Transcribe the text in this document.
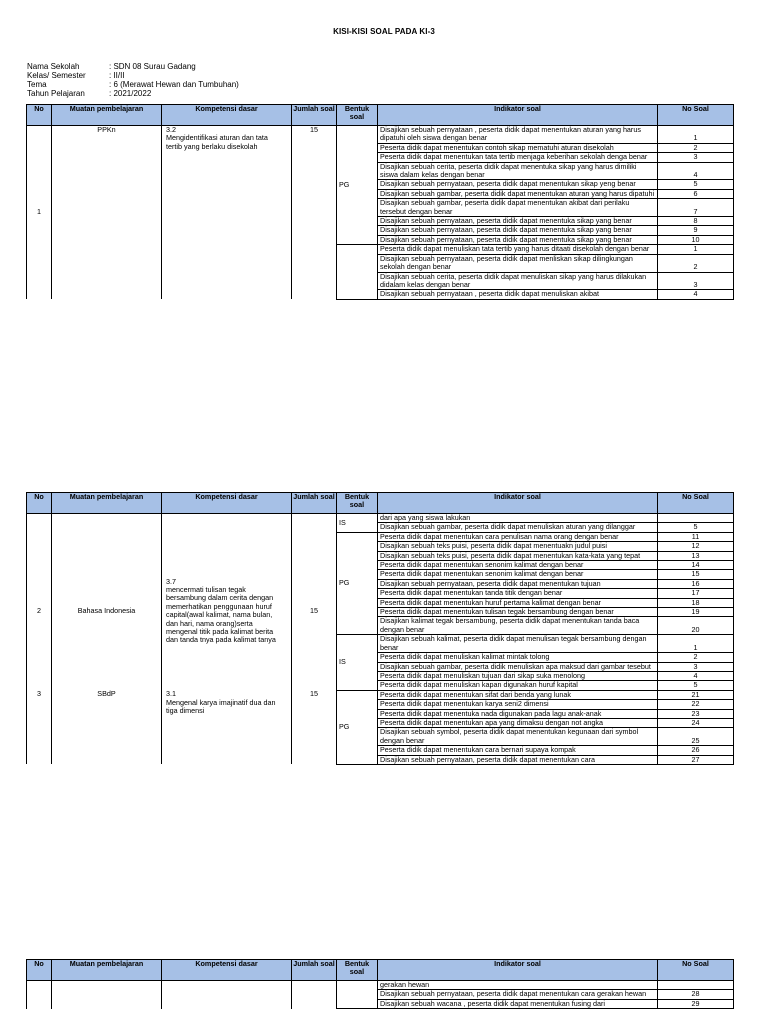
KISI-KISI SOAL PADA KI-3
Nama Sekolah	: SDN 08 Surau Gadang
Kelas/ Semester	: II/II
Tema	: 6 (Merawat Hewan dan Tumbuhan)
Tahun Pelajaran	: 2021/2022
No	Muatan pembelajaran	Kompetensi dasar	Jumlah soal	Bentuk soal	Indikator soal	No Soal
1	PPKn	3.2Mengidentifikasi aturan dan tata tertib yang berlaku disekolah	15	PG	Disajikan sebuah pernyataan , peserta didik dapat menentukan aturan yang harus dipatuhi oleh siswa dengan benar	1
					Peserta didik dapat menentukan contoh sikap mematuhi aturan disekolah	2
					Peserta didik dapat menentukan tata tertib menjaga keberihan sekolah denga benar	3
					Disajikan sebuah cerita, peserta didik dapat menentuka sikap yang harus dimiliki siswa dalam kelas dengan benar	4
					Disajikan sebuah pernyataan, peserta didik dapat menentukan sikap yeng benar	5
					Disajikan sebuah gambar, peserta didik dapat menentukan aturan yang harus dipatuhi	6
					Disajikan sebuah gambar, peserta didik dapat menentukan akibat dari perilaku tersebut dengan benar	7
					Disajikan sebuah pernyataan, peserta didik dapat menentuka sikap yang benar	8
					Disajikan sebuah pernyataan, peserta didik dapat menentuka sikap yang benar	9
					Disajikan sebuah pernyataan, peserta didik dapat menentuka sikap yang benar	10
					Peserta didik dapat menuliskan tata tertib yang harus ditaati disekolah dengan benar	1
					Disajikan sebuah pernyataan, peserta didik dapat menliskan sikap dilingkungan sekolah dengan benar	2
					Disajikan sebuah cerita, peserta didik dapat menuliskan sikap yang harus dilakukan didalam kelas dengan benar	3
					Disajikan sebuah pernyataan , peserta didik dapat menuliskan akibat	4
No	Muatan pembelajaran	Kompetensi dasar	Jumlah soal	Bentuk soal	Indikator soal	No Soal
				IS	dari apa yang siswa lakukan	
					Disajikan sebuah gambar, peserta didik dapat menuliskan aturan yang dilanggar	5
2	Bahasa Indonesia	3.7mencermati tulisan tegak bersambung dalam cerita dengan memerhatikan penggunaan huruf capital(awal kalimat, nama bulan, dan hari, nama orang)serta mengenal titik pada kalimat berita dan tanda tnya pada kalimat tanya	15	PG	Peserta didik dapat menentukan cara penulisan nama orang dengan benar	11
					Disajikan sebuah teks puisi, peserta didik dapat menentuakn judul puisi	12
					Disajikan sebuah teks puisi, peserta didik dapat menentukan kata-kata yang tepat	13
					Peserta didik dapat menentukan senonim kalimat dengan benar	14
					Peserta didik dapat menentukan senonim kalimat dengan benar	15
					Disajikan sebuah pernyataan, peserta didik dapat menentukan tujuan	16
					Peserta didik dapat menentukan tanda titik dengan benar	17
					Peserta didik dapat menentukan huruf pertama kalimat dengan benar	18
					Peserta didik dapat menentukan tulisan tegak bersambung dengan benar	19
					Disajikan kalimat tegak bersambung, peserta didik dapat menentukan tanda baca dengan benar	20
				IS	Disajikan sebuah kalimat, peserta didik dapat menulisan tegak bersambung dengan benar	1
					Peserta didik dapat menuliskan kalimat mintak tolong	2
					Disajikan sebuah gambar, peserta didik menuliskan apa maksud dari gambar tesebut	3
					Peserta didik dapat menuliskan tujuan dari sikap suka menolong	4
					Peserta didik dapat menuliskan kapan digunakan huruf kapital	5
3	SBdP	3.1Mengenal karya imajinatif dua dan tiga dimensi	15	PG	Peserta didik dapat menentukan sifat dari benda yang lunak	21
					Peserta didik dapat menentukan karya seni2 dimensi	22
					Peserta didik dapat menentuka nada digunakan pada lagu anak-anak	23
					Peserta didik dapat menentukan apa yang dimaksu dengan not angka	24
					Disajikan sebuah symbol, peserta didik dapat menentukan kegunaan dari symbol dengan benar	25
					Peserta didik dapat menentukan cara bernari supaya kompak	26
					Disajikan sebuah pernyataan, peserta didik dapat menentukan cara	27
No	Muatan pembelajaran	Kompetensi dasar	Jumlah soal	Bentuk soal	Indikator soal	No Soal
					gerakan hewan	
					Disajikan sebuah pernyataan, peserta didik dapat menentukan cara gerakan hewan	28
					Disajikan sebuah wacana , peserta didik dapat menentukan fusing dari	29
